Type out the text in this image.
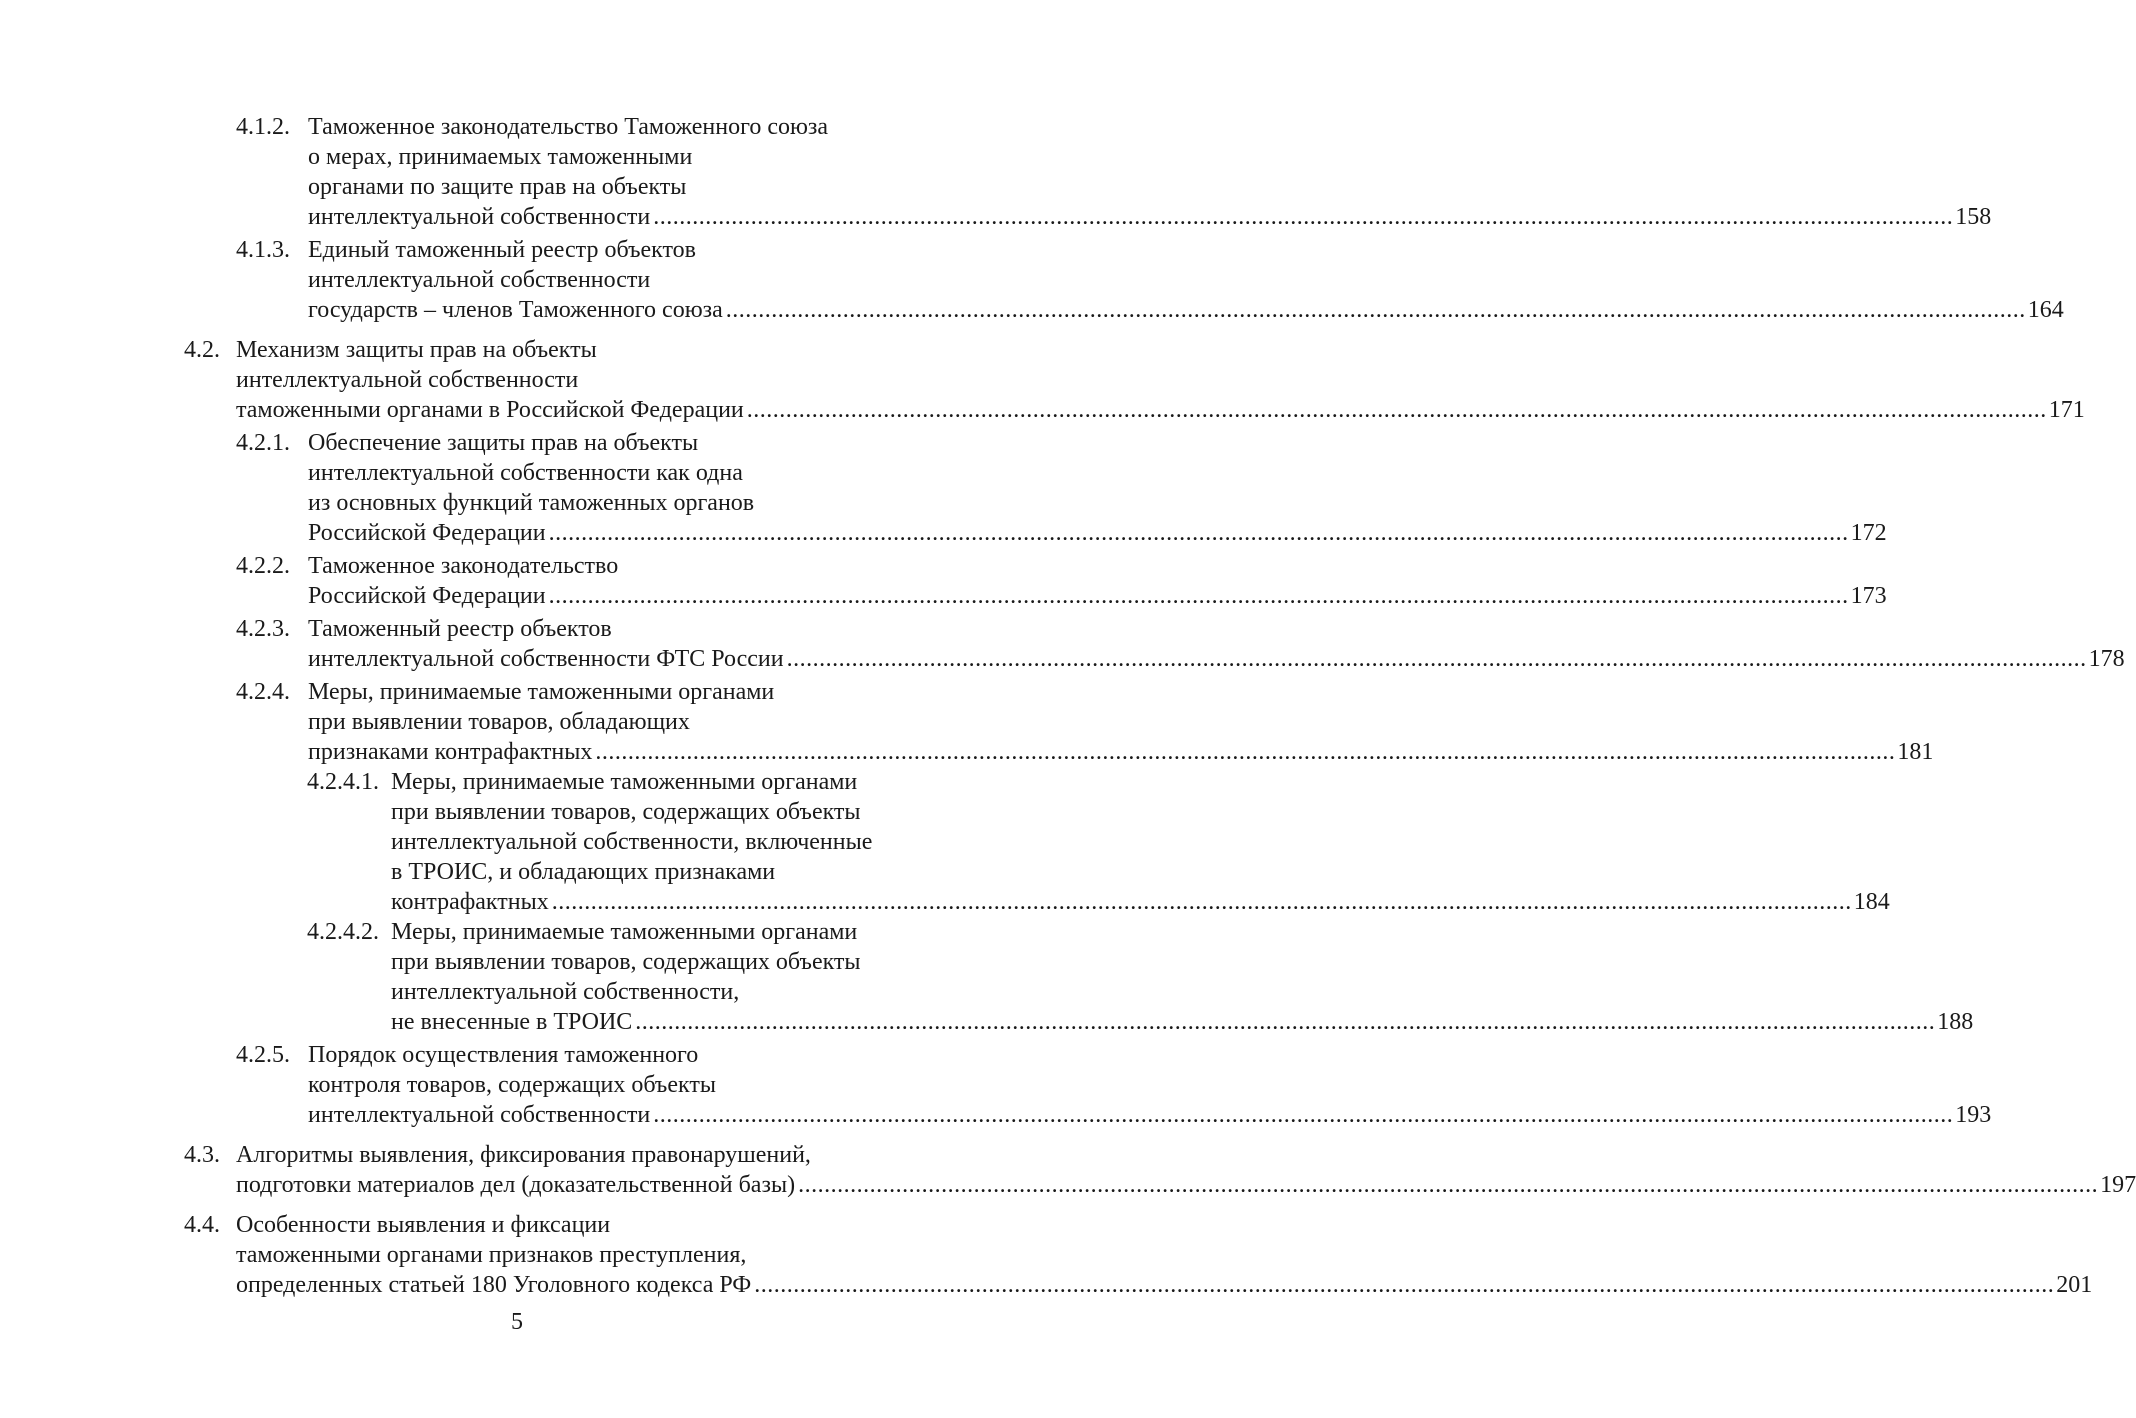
4.1.2. Таможенное законодательство Таможенного союза
о мерах, принимаемых таможенными
органами по защите прав на объекты
интеллектуальной собственности ........................................................................................................................................................................................................ 158
4.1.3. Единый таможенный реестр объектов
интеллектуальной собственности
государств – членов Таможенного союза ........................................................................................................................................................................................................ 164
4.2. Механизм защиты прав на объекты
интеллектуальной собственности
таможенными органами в Российской Федерации ........................................................................................................................................................................................................ 171
4.2.1. Обеспечение защиты прав на объекты
интеллектуальной собственности как одна
из основных функций таможенных органов
Российской Федерации ........................................................................................................................................................................................................ 172
4.2.2. Таможенное законодательство
Российской Федерации ........................................................................................................................................................................................................ 173
4.2.3. Таможенный реестр объектов
интеллектуальной собственности ФТС России ........................................................................................................................................................................................................ 178
4.2.4. Меры, принимаемые таможенными органами
при выявлении товаров, обладающих
признаками контрафактных ........................................................................................................................................................................................................ 181
4.2.4.1. Меры, принимаемые таможенными органами
при выявлении товаров, содержащих объекты
интеллектуальной собственности, включенные
в ТРОИС, и обладающих признаками
контрафактных ........................................................................................................................................................................................................ 184
4.2.4.2. Меры, принимаемые таможенными органами
при выявлении товаров, содержащих объекты
интеллектуальной собственности,
не внесенные в ТРОИС ........................................................................................................................................................................................................ 188
4.2.5. Порядок осуществления таможенного
контроля товаров, содержащих объекты
интеллектуальной собственности ........................................................................................................................................................................................................ 193
4.3. Алгоритмы выявления, фиксирования правонарушений,
подготовки материалов дел (доказательственной базы) ........................................................................................................................................................................................................ 197
4.4. Особенности выявления и фиксации
таможенными органами признаков преступления,
определенных статьей 180 Уголовного кодекса РФ ........................................................................................................................................................................................................ 201
5
